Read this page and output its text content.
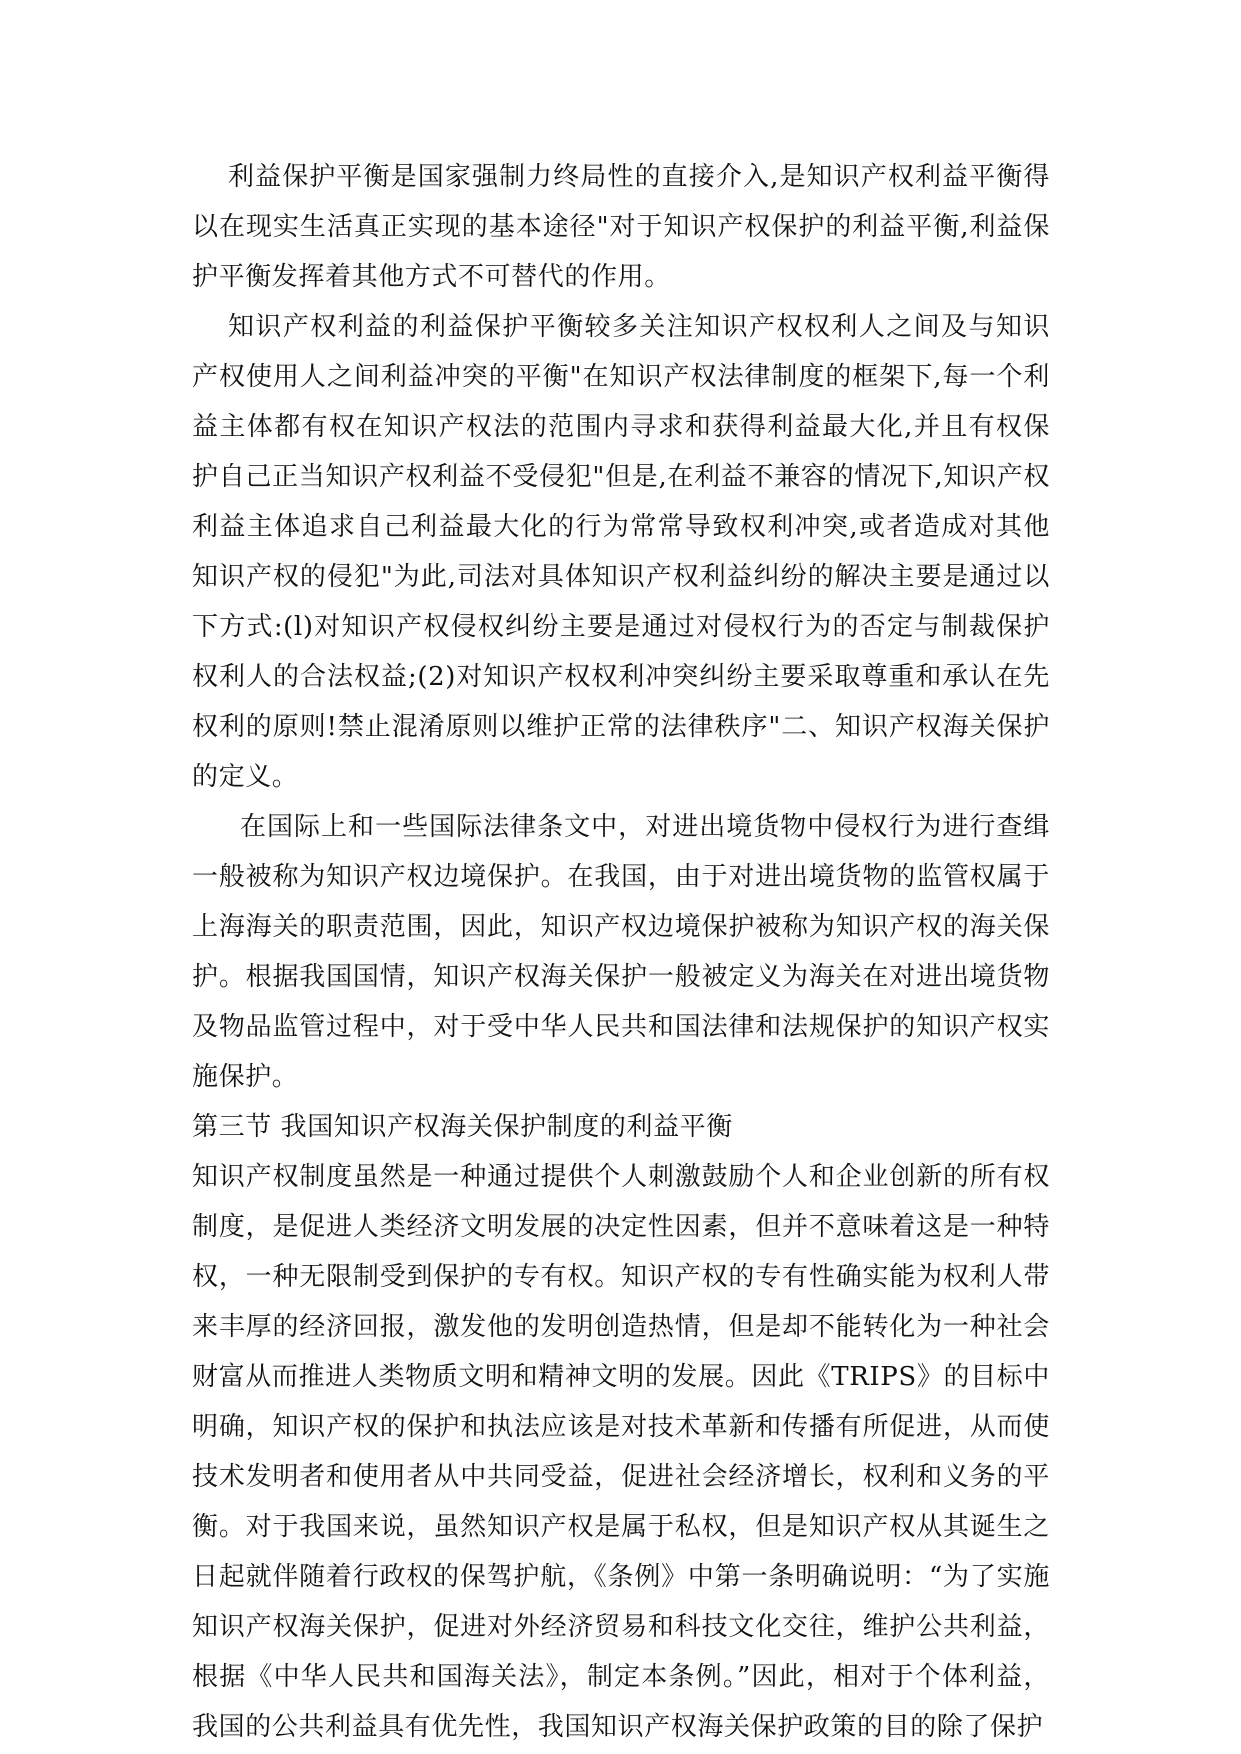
利益保护平衡是国家强制力终局性的直接介入,是知识产权利益平衡得以在现实生活真正实现的基本途径"对于知识产权保护的利益平衡,利益保护平衡发挥着其他方式不可替代的作用。

知识产权利益的利益保护平衡较多关注知识产权权利人之间及与知识产权使用人之间利益冲突的平衡"在知识产权法律制度的框架下,每一个利益主体都有权在知识产权法的范围内寻求和获得利益最大化,并且有权保护自己正当知识产权利益不受侵犯"但是,在利益不兼容的情况下,知识产权利益主体追求自己利益最大化的行为常常导致权利冲突,或者造成对其他知识产权的侵犯"为此,司法对具体知识产权利益纠纷的解决主要是通过以下方式:(l)对知识产权侵权纠纷主要是通过对侵权行为的否定与制裁保护权利人的合法权益;(2)对知识产权权利冲突纠纷主要采取尊重和承认在先权利的原则!禁止混淆原则以维护正常的法律秩序"二、知识产权海关保护的定义。

在国际上和一些国际法律条文中，对进出境货物中侵权行为进行查缉一般被称为知识产权边境保护。在我国，由于对进出境货物的监管权属于上海海关的职责范围，因此，知识产权边境保护被称为知识产权的海关保护。根据我国国情，知识产权海关保护一般被定义为海关在对进出境货物及物品监管过程中，对于受中华人民共和国法律和法规保护的知识产权实施保护。

第三节 我国知识产权海关保护制度的利益平衡

知识产权制度虽然是一种通过提供个人刺激鼓励个人和企业创新的所有权制度，是促进人类经济文明发展的决定性因素，但并不意味着这是一种特权，一种无限制受到保护的专有权。知识产权的专有性确实能为权利人带来丰厚的经济回报，激发他的发明创造热情，但是却不能转化为一种社会财富从而推进人类物质文明和精神文明的发展。因此《TRIPS》的目标中明确，知识产权的保护和执法应该是对技术革新和传播有所促进，从而使技术发明者和使用者从中共同受益，促进社会经济增长，权利和义务的平衡。对于我国来说，虽然知识产权是属于私权，但是知识产权从其诞生之日起就伴随着行政权的保驾护航，《条例》中第一条明确说明：“为了实施知识产权海关保护，促进对外经济贸易和科技文化交往，维护公共利益，根据《中华人民共和国海关法》，制定本条例。”因此，相对于个体利益，我国的公共利益具有优先性，我国知识产权海关保护政策的目的除了保护
